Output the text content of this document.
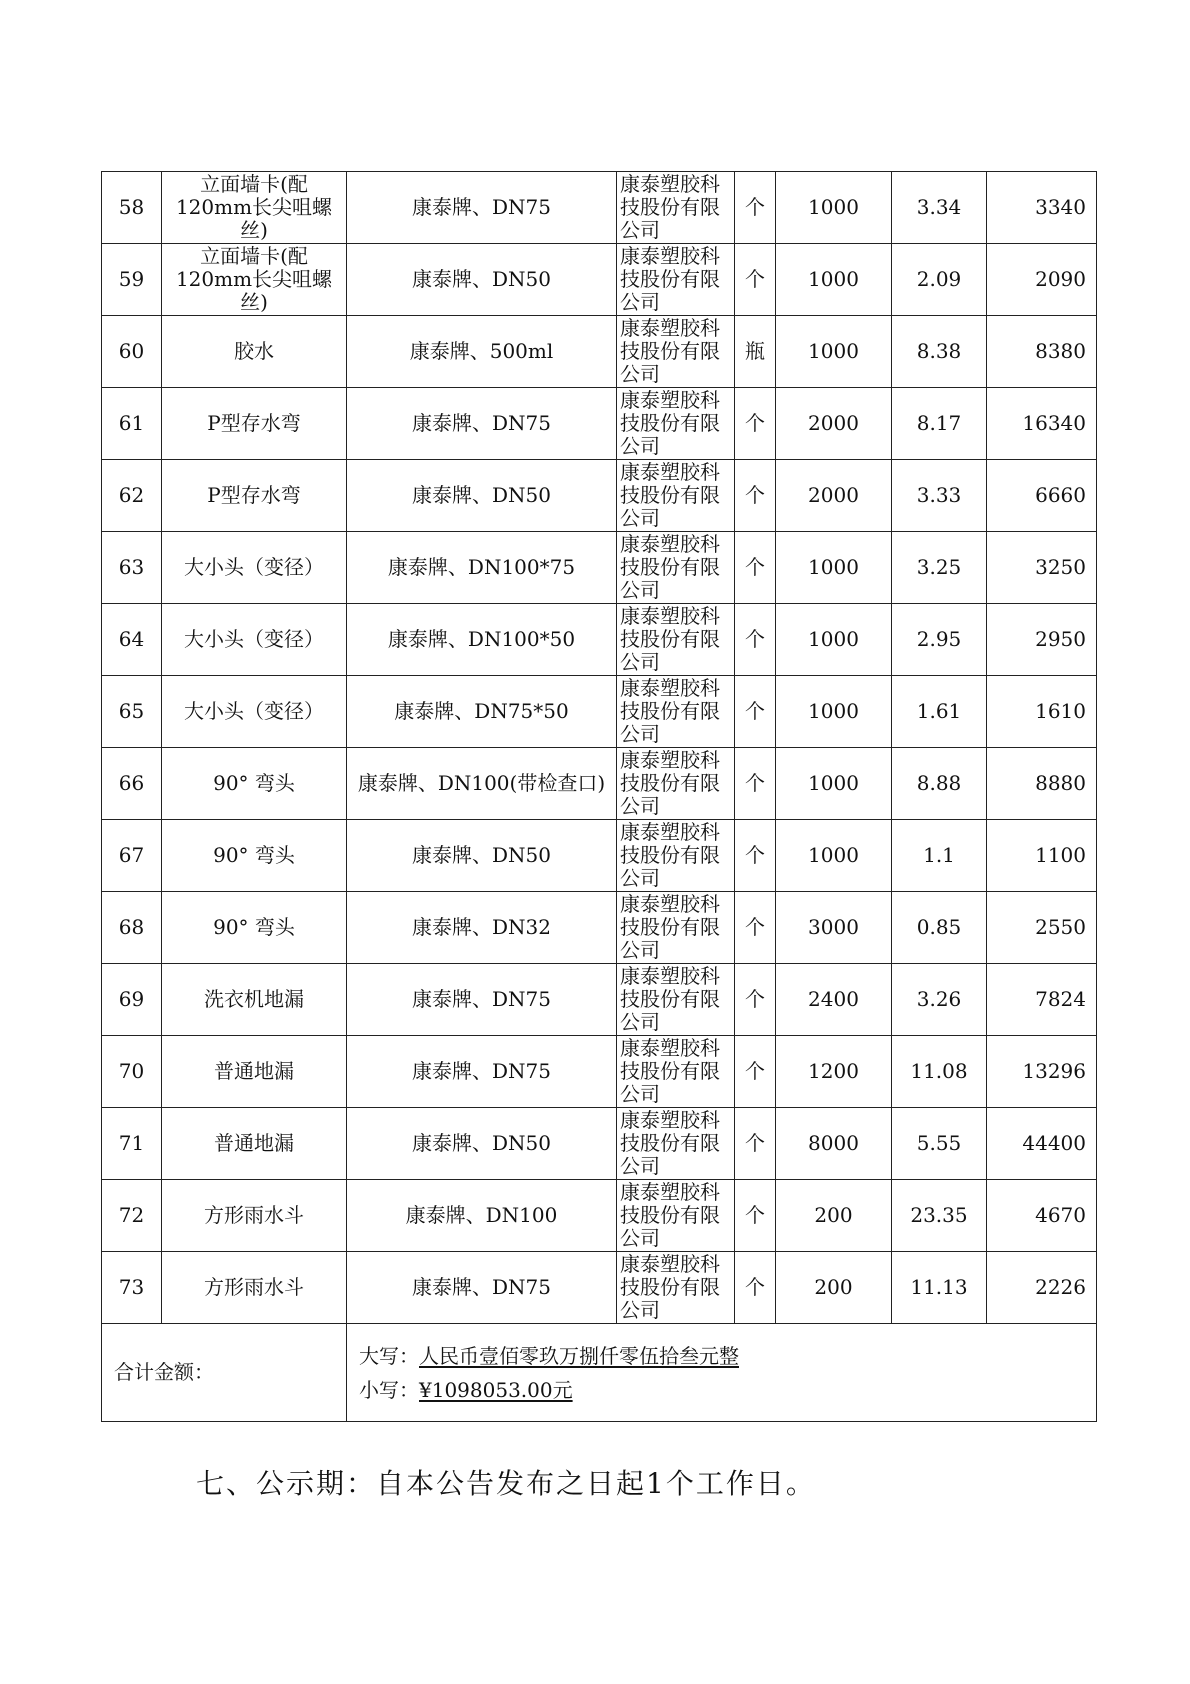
58	立面墙卡(配120mm长尖咀螺丝)	康泰牌、DN75	康泰塑胶科技股份有限公司	个	1000	3.34	3340
59	立面墙卡(配120mm长尖咀螺丝)	康泰牌、DN50	康泰塑胶科技股份有限公司	个	1000	2.09	2090
60	胶水	康泰牌、500ml	康泰塑胶科技股份有限公司	瓶	1000	8.38	8380
61	P型存水弯	康泰牌、DN75	康泰塑胶科技股份有限公司	个	2000	8.17	16340
62	P型存水弯	康泰牌、DN50	康泰塑胶科技股份有限公司	个	2000	3.33	6660
63	大小头（变径）	康泰牌、DN100*75	康泰塑胶科技股份有限公司	个	1000	3.25	3250
64	大小头（变径）	康泰牌、DN100*50	康泰塑胶科技股份有限公司	个	1000	2.95	2950
65	大小头（变径）	康泰牌、DN75*50	康泰塑胶科技股份有限公司	个	1000	1.61	1610
66	90° 弯头	康泰牌、DN100(带检查口)	康泰塑胶科技股份有限公司	个	1000	8.88	8880
67	90° 弯头	康泰牌、DN50	康泰塑胶科技股份有限公司	个	1000	1.1	1100
68	90° 弯头	康泰牌、DN32	康泰塑胶科技股份有限公司	个	3000	0.85	2550
69	洗衣机地漏	康泰牌、DN75	康泰塑胶科技股份有限公司	个	2400	3.26	7824
70	普通地漏	康泰牌、DN75	康泰塑胶科技股份有限公司	个	1200	11.08	13296
71	普通地漏	康泰牌、DN50	康泰塑胶科技股份有限公司	个	8000	5.55	44400
72	方形雨水斗	康泰牌、DN100	康泰塑胶科技股份有限公司	个	200	23.35	4670
73	方形雨水斗	康泰牌、DN75	康泰塑胶科技股份有限公司	个	200	11.13	2226
合计金额：		大写：人民币壹佰零玖万捌仟零伍拾叁元整
小写：¥1098053.00元					
七、公示期：自本公告发布之日起1个工作日。
